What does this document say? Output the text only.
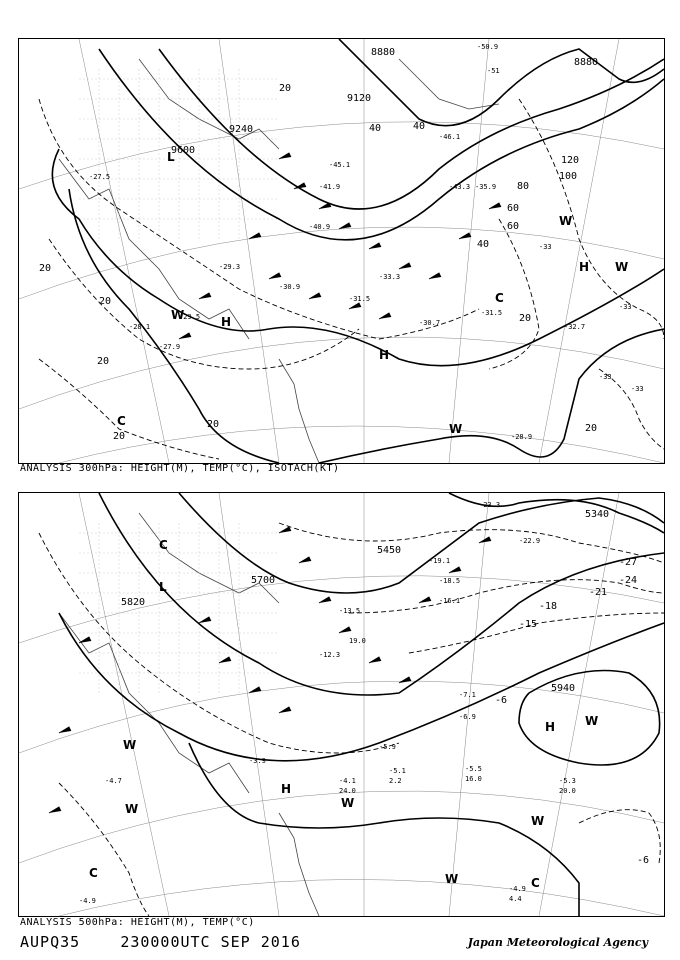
8880
9120
9240
9600
8880
20
40
60
80
100
120
20
20
20
20
20
40
60
40
20
20
-27.5
-28.1
-29.3
-30.9
-31.5
-33.3
-30.7
-29.5
-27.9
-28.9
-33
-33
-33
-33
-32.7
-31.5
-45.1
-50.9
-51
-46.1
-43.3
-41.9
-40.9
-35.9
H
H
H
L
C
C
W
W
W
W
ANALYSIS 300hPa: HEIGHT(M), TEMP(°C), ISOTACH(KT)
5340
5450
5700
5820
5940
-27
-24
-21
-18
-15
-6
-6
-3.9
-4.1
-5.1	-5.5
-5.9
-7.1
-6.9
-12.3
-13.5
-16.1
-18.5
-19.1
-22.9
-23.3
-4.9
-5.3
-4.7
-4.9
19.0
20.0
24.0
16.0
2.2
4.4
H
H
L
C
C
C
W
W	W
W
W
W
ANALYSIS 500hPa: HEIGHT(M), TEMP(°C)
AUPQ35	230000UTC SEP 2016	Japan Meteorological Agency
